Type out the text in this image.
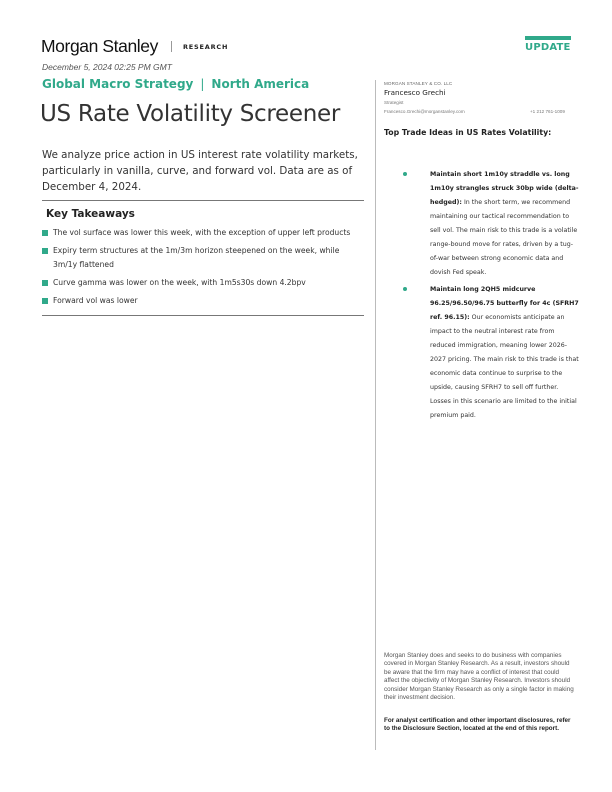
Morgan Stanley	RESEARCH
December 5, 2024 02:25 PM GMT
UPDATE
Global Macro Strategy | North America
US Rate Volatility Screener

We analyze price action in US interest rate volatility markets, particularly in vanilla, curve, and forward vol. Data are as of December 4, 2024.

Key Takeaways
The vol surface was lower this week, with the exception of upper left products
Expiry term structures at the 1m/3m horizon steepened on the week, while 3m/1y flattened
Curve gamma was lower on the week, with 1m5s30s down 4.2bpv
Forward vol was lower
MORGAN STANLEY & CO. LLC
Francesco Grechi
Strategist
Francesco.Grechi@morganstanley.com	+1 212 761-1009
Top Trade Ideas in US Rates Volatility:
Maintain short 1m10y straddle vs. long 1m10y strangles struck 30bp wide (delta-hedged): In the short term, we recommend maintaining our tactical recommendation to sell vol. The main risk to this trade is a volatile range-bound move for rates, driven by a tug-of-war between strong economic data and dovish Fed speak.
Maintain long 2QH5 midcurve 96.25/96.50/96.75 butterfly for 4c (SFRH7 ref. 96.15): Our economists anticipate an impact to the neutral interest rate from reduced immigration, meaning lower 2026-2027 pricing. The main risk to this trade is that economic data continue to surprise to the upside, causing SFRH7 to sell off further. Losses in this scenario are limited to the initial premium paid.

Morgan Stanley does and seeks to do business with companies covered in Morgan Stanley Research. As a result, investors should be aware that the firm may have a conflict of interest that could affect the objectivity of Morgan Stanley Research. Investors should consider Morgan Stanley Research as only a single factor in making their investment decision.

For analyst certification and other important disclosures, refer to the Disclosure Section, located at the end of this report.
